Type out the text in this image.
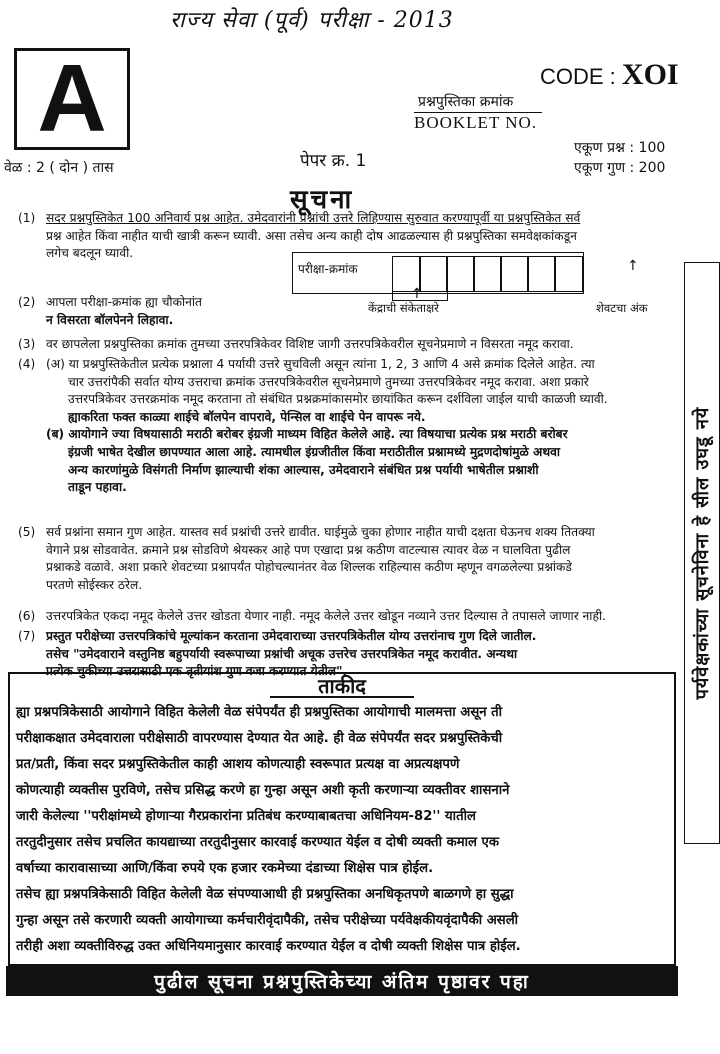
राज्य सेवा (पूर्व) परीक्षा - 2013
A	CODE : XOI
प्रश्नपुस्तिका क्रमांक
BOOKLET NO.
एकूण प्रश्न : 100
एकूण गुण : 200
वेळ : 2 ( दोन ) तास	पेपर क्र. 1
सूचना
पर्यवेक्षकांच्या सूचनेविना हे सील उघडू नये
परीक्षा-क्रमांक
↑
↑
केंद्राची संकेताक्षरे	शेवटचा अंक
(1) सदर प्रश्नपुस्तिकेत 100 अनिवार्य प्रश्न आहेत. उमेदवारांनी प्रश्नांची उत्तरे लिहिण्यास सुरुवात करण्यापूर्वी या प्रश्नपुस्तिकेत सर्व
प्रश्न आहेत किंवा नाहीत याची खात्री करून घ्यावी. असा तसेच अन्य काही दोष आढळल्यास ही प्रश्नपुस्तिका समवेक्षकांकडून
लगेच बदलून घ्यावी.
(2) आपला परीक्षा-क्रमांक ह्या चौकोनांत
न विसरता बॉलपेनने लिहावा.
(3) वर छापलेला प्रश्नपुस्तिका क्रमांक तुमच्या उत्तरपत्रिकेवर विशिष्ट जागी उत्तरपत्रिकेवरील सूचनेप्रमाणे न विसरता नमूद करावा.
(4) (अ) या प्रश्नपुस्तिकेतील प्रत्येक प्रश्नाला 4 पर्यायी उत्तरे सुचविली असून त्यांना 1, 2, 3 आणि 4 असे क्रमांक दिलेले आहेत. त्या
चार उत्तरांपैकी सर्वात योग्य उत्तराचा क्रमांक उत्तरपत्रिकेवरील सूचनेप्रमाणे तुमच्या उत्तरपत्रिकेवर नमूद करावा. अशा प्रकारे
उत्तरपत्रिकेवर उत्तरक्रमांक नमूद करताना तो संबंधित प्रश्नक्रमांकासमोर छायांकित करून दर्शविला जाईल याची काळजी घ्यावी.
ह्याकरिता फक्त काळ्या शाईचे बॉलपेन वापरावे, पेन्सिल वा शाईचे पेन वापरू नये.
(ब) आयोगाने ज्या विषयासाठी मराठी बरोबर इंग्रजी माध्यम विहित केलेले आहे. त्या विषयाचा प्रत्येक प्रश्न मराठी बरोबर
इंग्रजी भाषेत देखील छापण्यात आला आहे. त्यामधील इंग्रजीतील किंवा मराठीतील प्रश्नामध्ये मुद्रणदोषांमुळे अथवा
अन्य कारणांमुळे विसंगती निर्माण झाल्याची शंका आल्यास, उमेदवाराने संबंधित प्रश्न पर्यायी भाषेतील प्रश्नाशी
ताडून पहावा.
(5) सर्व प्रश्नांना समान गुण आहेत. यास्तव सर्व प्रश्नांची उत्तरे द्यावीत. घाईमुळे चुका होणार नाहीत याची दक्षता घेऊनच शक्य तितक्या
वेगाने प्रश्न सोडवावेत. क्रमाने प्रश्न सोडविणे श्रेयस्कर आहे पण एखादा प्रश्न कठीण वाटल्यास त्यावर वेळ न घालविता पुढील
प्रश्नाकडे वळावे. अशा प्रकारे शेवटच्या प्रश्नापर्यंत पोहोचल्यानंतर वेळ शिल्लक राहिल्यास कठीण म्हणून वगळलेल्या प्रश्नांकडे
परतणे सोईस्कर ठरेल.
(6) उत्तरपत्रिकेत एकदा नमूद केलेले उत्तर खोडता येणार नाही. नमूद केलेले उत्तर खोडून नव्याने उत्तर दिल्यास ते तपासले जाणार नाही.
(7) प्रस्तुत परीक्षेच्या उत्तरपत्रिकांचे मूल्यांकन करताना उमेदवाराच्या उत्तरपत्रिकेतील योग्य उत्तरांनाच गुण दिले जातील.
तसेच "उमेदवाराने वस्तुनिष्ठ बहुपर्यायी स्वरूपाच्या प्रश्नांची अचूक उत्तरेच उत्तरपत्रिकेत नमूद करावीत. अन्यथा
प्रत्येक चुकीच्या उत्तरासाठी एक तृतीयांश गुण वजा करण्यात येतील".
ताकीद
ह्या प्रश्नपत्रिकेसाठी आयोगाने विहित केलेली वेळ संपेपर्यंत ही प्रश्नपुस्तिका आयोगाची मालमत्ता असून ती
परीक्षाकक्षात उमेदवाराला परीक्षेसाठी वापरण्यास देण्यात येत आहे. ही वेळ संपेपर्यंत सदर प्रश्नपुस्तिकेची
प्रत/प्रती, किंवा सदर प्रश्नपुस्तिकेतील काही आशय कोणत्याही स्वरूपात प्रत्यक्ष वा अप्रत्यक्षपणे
कोणत्याही व्यक्तीस पुरविणे, तसेच प्रसिद्ध करणे हा गुन्हा असून अशी कृती करणाऱ्या व्यक्तीवर शासनाने
जारी केलेल्या ''परीक्षांमध्ये होणाऱ्या गैरप्रकारांना प्रतिबंध करण्याबाबतचा अधिनियम-82'' यातील
तरतुदीनुसार तसेच प्रचलित कायद्याच्या तरतुदीनुसार कारवाई करण्यात येईल व दोषी व्यक्ती कमाल एक
वर्षाच्या कारावासाच्या आणि/किंवा रुपये एक हजार रकमेच्या दंडाच्या शिक्षेस पात्र होईल.
तसेच ह्या प्रश्नपत्रिकेसाठी विहित केलेली वेळ संपण्याआधी ही प्रश्नपुस्तिका अनधिकृतपणे बाळगणे हा सुद्धा
गुन्हा असून तसे करणारी व्यक्ती आयोगाच्या कर्मचारीवृंदापैकी, तसेच परीक्षेच्या पर्यवेक्षकीयवृंदापैकी असली
तरीही अशा व्यक्तीविरुद्ध उक्त अधिनियमानुसार कारवाई करण्यात येईल व दोषी व्यक्ती शिक्षेस पात्र होईल.
पुढील सूचना प्रश्नपुस्तिकेच्या अंतिम पृष्ठावर पहा
